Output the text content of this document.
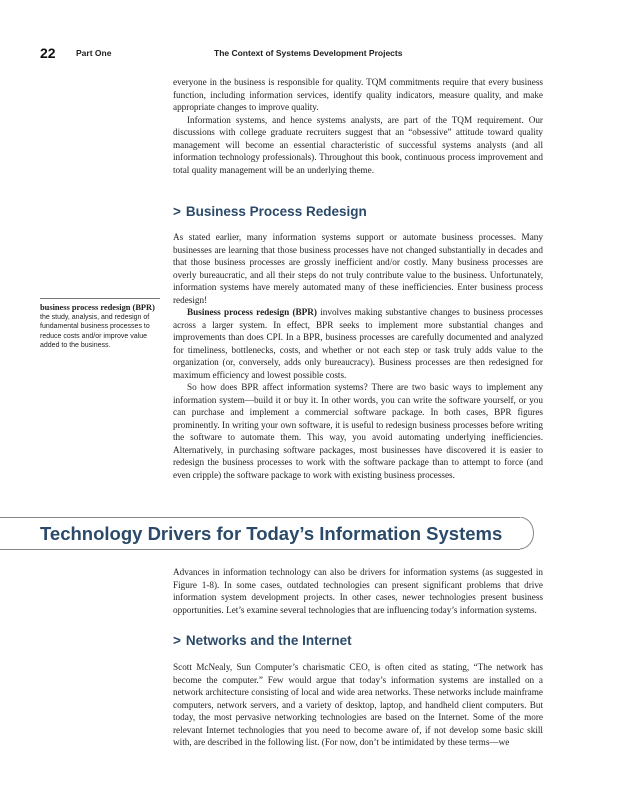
22 Part One	The Context of Systems Development Projects

everyone in the business is responsible for quality. TQM commitments require that every business function, including information services, identify quality indicators, measure quality, and make appropriate changes to improve quality.

Information systems, and hence systems analysts, are part of the TQM requirement. Our discussions with college graduate recruiters suggest that an “obsessive” attitude toward quality management will become an essential characteristic of successful systems analysts (and all information technology professionals). Throughout this book, continuous process improvement and total quality management will be an underlying theme.

> Business Process Redesign

As stated earlier, many information systems support or automate business processes. Many businesses are learning that those business processes have not changed substantially in decades and that those business processes are grossly inefficient and/or costly. Many business processes are overly bureaucratic, and all their steps do not truly contribute value to the business. Unfortunately, information systems have merely automated many of these inefficiencies. Enter business process redesign!

Business process redesign (BPR) involves making substantive changes to business processes across a larger system. In effect, BPR seeks to implement more substantial changes and improvements than does CPI. In a BPR, business processes are carefully documented and analyzed for timeliness, bottlenecks, costs, and whether or not each step or task truly adds value to the organization (or, conversely, adds only bureaucracy). Business processes are then redesigned for maximum efficiency and lowest possible costs.

So how does BPR affect information systems? There are two basic ways to implement any information system—build it or buy it. In other words, you can write the software yourself, or you can purchase and implement a commercial software package. In both cases, BPR figures prominently. In writing your own software, it is useful to redesign business processes before writing the software to automate them. This way, you avoid automating underlying inefficiencies. Alternatively, in purchasing software packages, most businesses have discovered it is easier to redesign the business processes to work with the software package than to attempt to force (and even cripple) the software package to work with existing business processes.

business process redesign (BPR) the study, analysis, and redesign of fundamental business processes to reduce costs and/or improve value added to the business.
Technology Drivers for Today’s Information Systems

Advances in information technology can also be drivers for information systems (as suggested in Figure 1-8). In some cases, outdated technologies can present significant problems that drive information system development projects. In other cases, newer technologies present business opportunities. Let’s examine several technologies that are influencing today’s information systems.

> Networks and the Internet

Scott McNealy, Sun Computer’s charismatic CEO, is often cited as stating, “The network has become the computer.” Few would argue that today’s information systems are installed on a network architecture consisting of local and wide area networks. These networks include mainframe computers, network servers, and a variety of desktop, laptop, and handheld client computers. But today, the most pervasive networking technologies are based on the Internet. Some of the more relevant Internet technologies that you need to become aware of, if not develop some basic skill with, are described in the following list. (For now, don’t be intimidated by these terms—we
